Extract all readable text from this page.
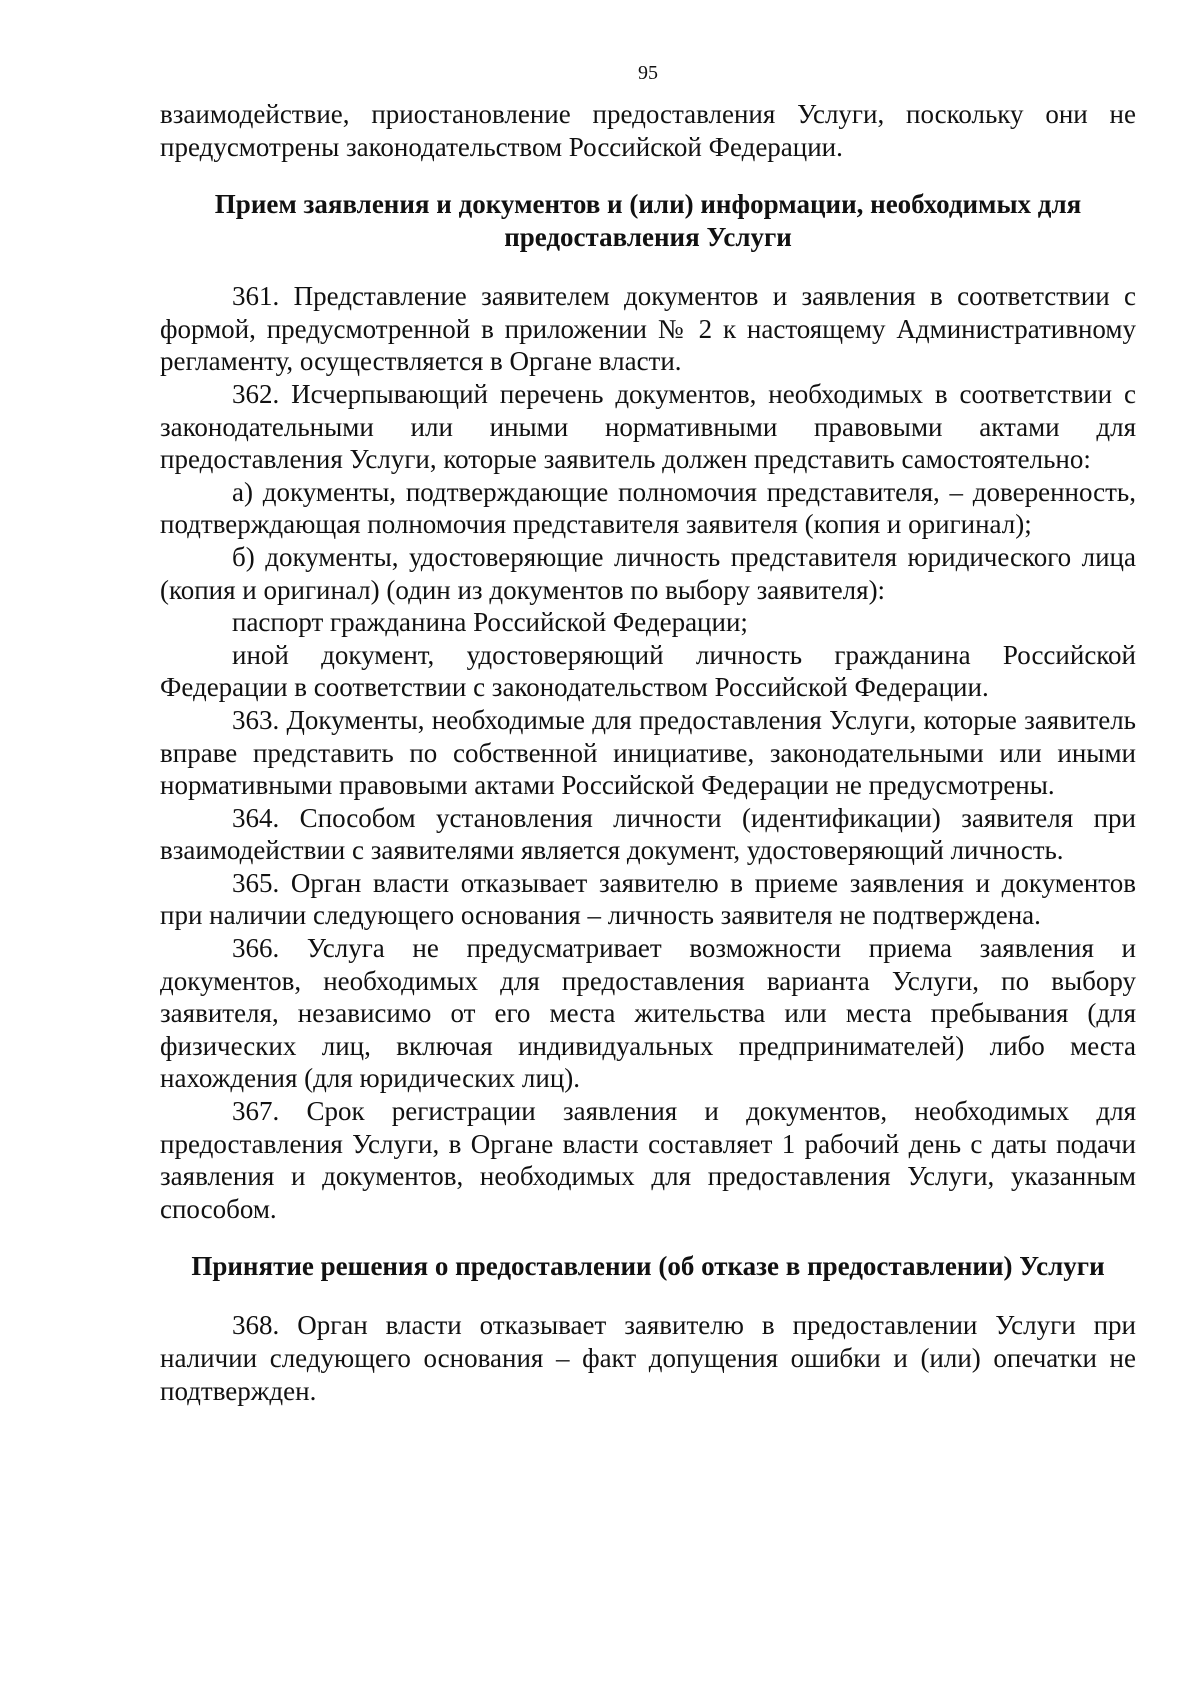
95

взаимодействие, приостановление предоставления Услуги, поскольку они не предусмотрены законодательством Российской Федерации.

Прием заявления и документов и (или) информации, необходимых для предоставления Услуги

361. Представление заявителем документов и заявления в соответствии с формой, предусмотренной в приложении № 2 к настоящему Административному регламенту, осуществляется в Органе власти.

362. Исчерпывающий перечень документов, необходимых в соответствии с законодательными или иными нормативными правовыми актами для предоставления Услуги, которые заявитель должен представить самостоятельно:

а) документы, подтверждающие полномочия представителя, – доверенность, подтверждающая полномочия представителя заявителя (копия и оригинал);

б) документы, удостоверяющие личность представителя юридического лица (копия и оригинал) (один из документов по выбору заявителя):

паспорт гражданина Российской Федерации;

иной документ, удостоверяющий личность гражданина Российской Федерации в соответствии с законодательством Российской Федерации.

363. Документы, необходимые для предоставления Услуги, которые заявитель вправе представить по собственной инициативе, законодательными или иными нормативными правовыми актами Российской Федерации не предусмотрены.

364. Способом установления личности (идентификации) заявителя при взаимодействии с заявителями является документ, удостоверяющий личность.

365. Орган власти отказывает заявителю в приеме заявления и документов при наличии следующего основания – личность заявителя не подтверждена.

366. Услуга не предусматривает возможности приема заявления и документов, необходимых для предоставления варианта Услуги, по выбору заявителя, независимо от его места жительства или места пребывания (для физических лиц, включая индивидуальных предпринимателей) либо места нахождения (для юридических лиц).

367. Срок регистрации заявления и документов, необходимых для предоставления Услуги, в Органе власти составляет 1 рабочий день с даты подачи заявления и документов, необходимых для предоставления Услуги, указанным способом.

Принятие решения о предоставлении (об отказе в предоставлении) Услуги

368. Орган власти отказывает заявителю в предоставлении Услуги при наличии следующего основания – факт допущения ошибки и (или) опечатки не подтвержден.
